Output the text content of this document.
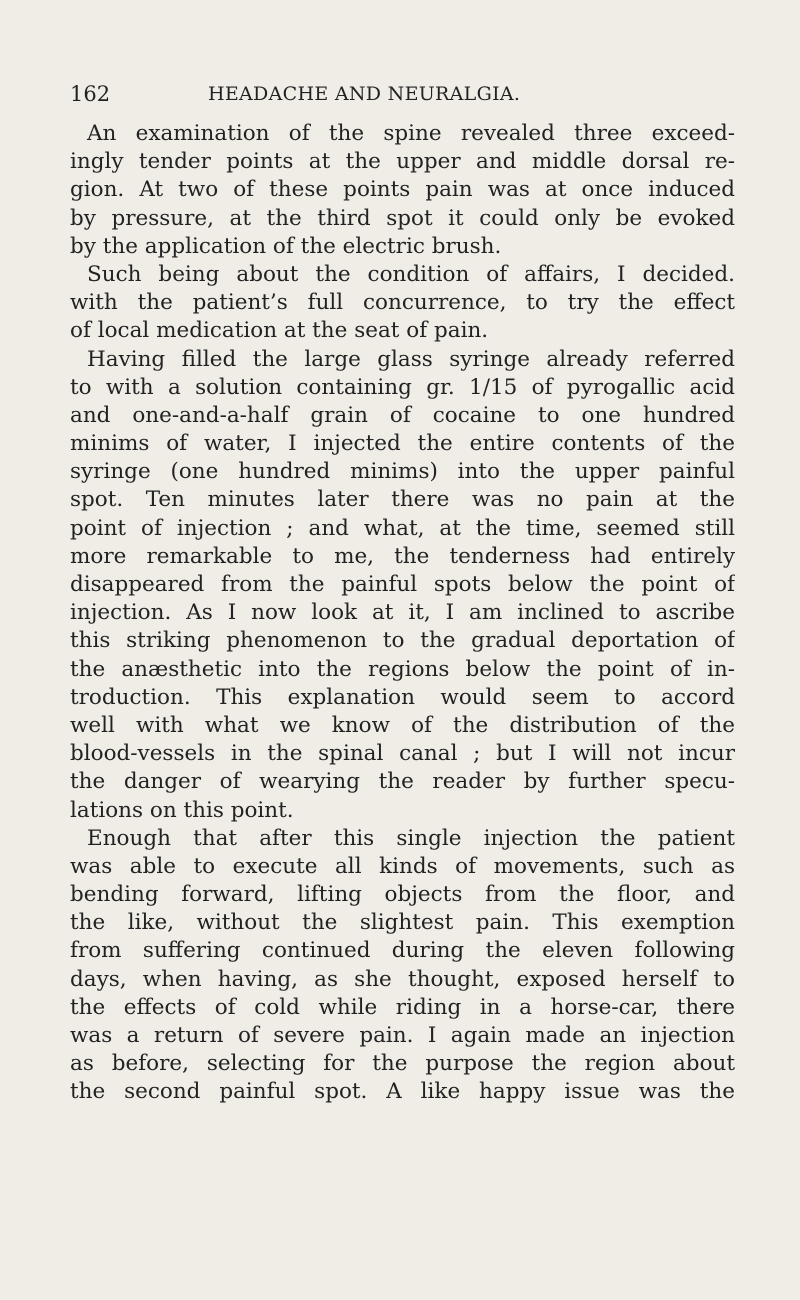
162	HEADACHE AND NEURALGIA.
An examination of the spine revealed three exceed-
ingly tender points at the upper and middle dorsal re-
gion. At two of these points pain was at once induced
by pressure, at the third spot it could only be evoked
by the application of the electric brush.
Such being about the condition of affairs, I decided.
with the patient’s full concurrence, to try the effect
of local medication at the seat of pain.
Having filled the large glass syringe already referred
to with a solution containing gr. 1/15 of pyrogallic acid
and one-and-a-half grain of cocaine to one hundred
minims of water, I injected the entire contents of the
syringe (one hundred minims) into the upper painful
spot. Ten minutes later there was no pain at the
point of injection ; and what, at the time, seemed still
more remarkable to me, the tenderness had entirely
disappeared from the painful spots below the point of
injection. As I now look at it, I am inclined to ascribe
this striking phenomenon to the gradual deportation of
the anæsthetic into the regions below the point of in-
troduction. This explanation would seem to accord
well with what we know of the distribution of the
blood-vessels in the spinal canal ; but I will not incur
the danger of wearying the reader by further specu-
lations on this point.
Enough that after this single injection the patient
was able to execute all kinds of movements, such as
bending forward, lifting objects from the floor, and
the like, without the slightest pain. This exemption
from suffering continued during the eleven following
days, when having, as she thought, exposed herself to
the effects of cold while riding in a horse-car, there
was a return of severe pain. I again made an injection
as before, selecting for the purpose the region about
the second painful spot. A like happy issue was the
